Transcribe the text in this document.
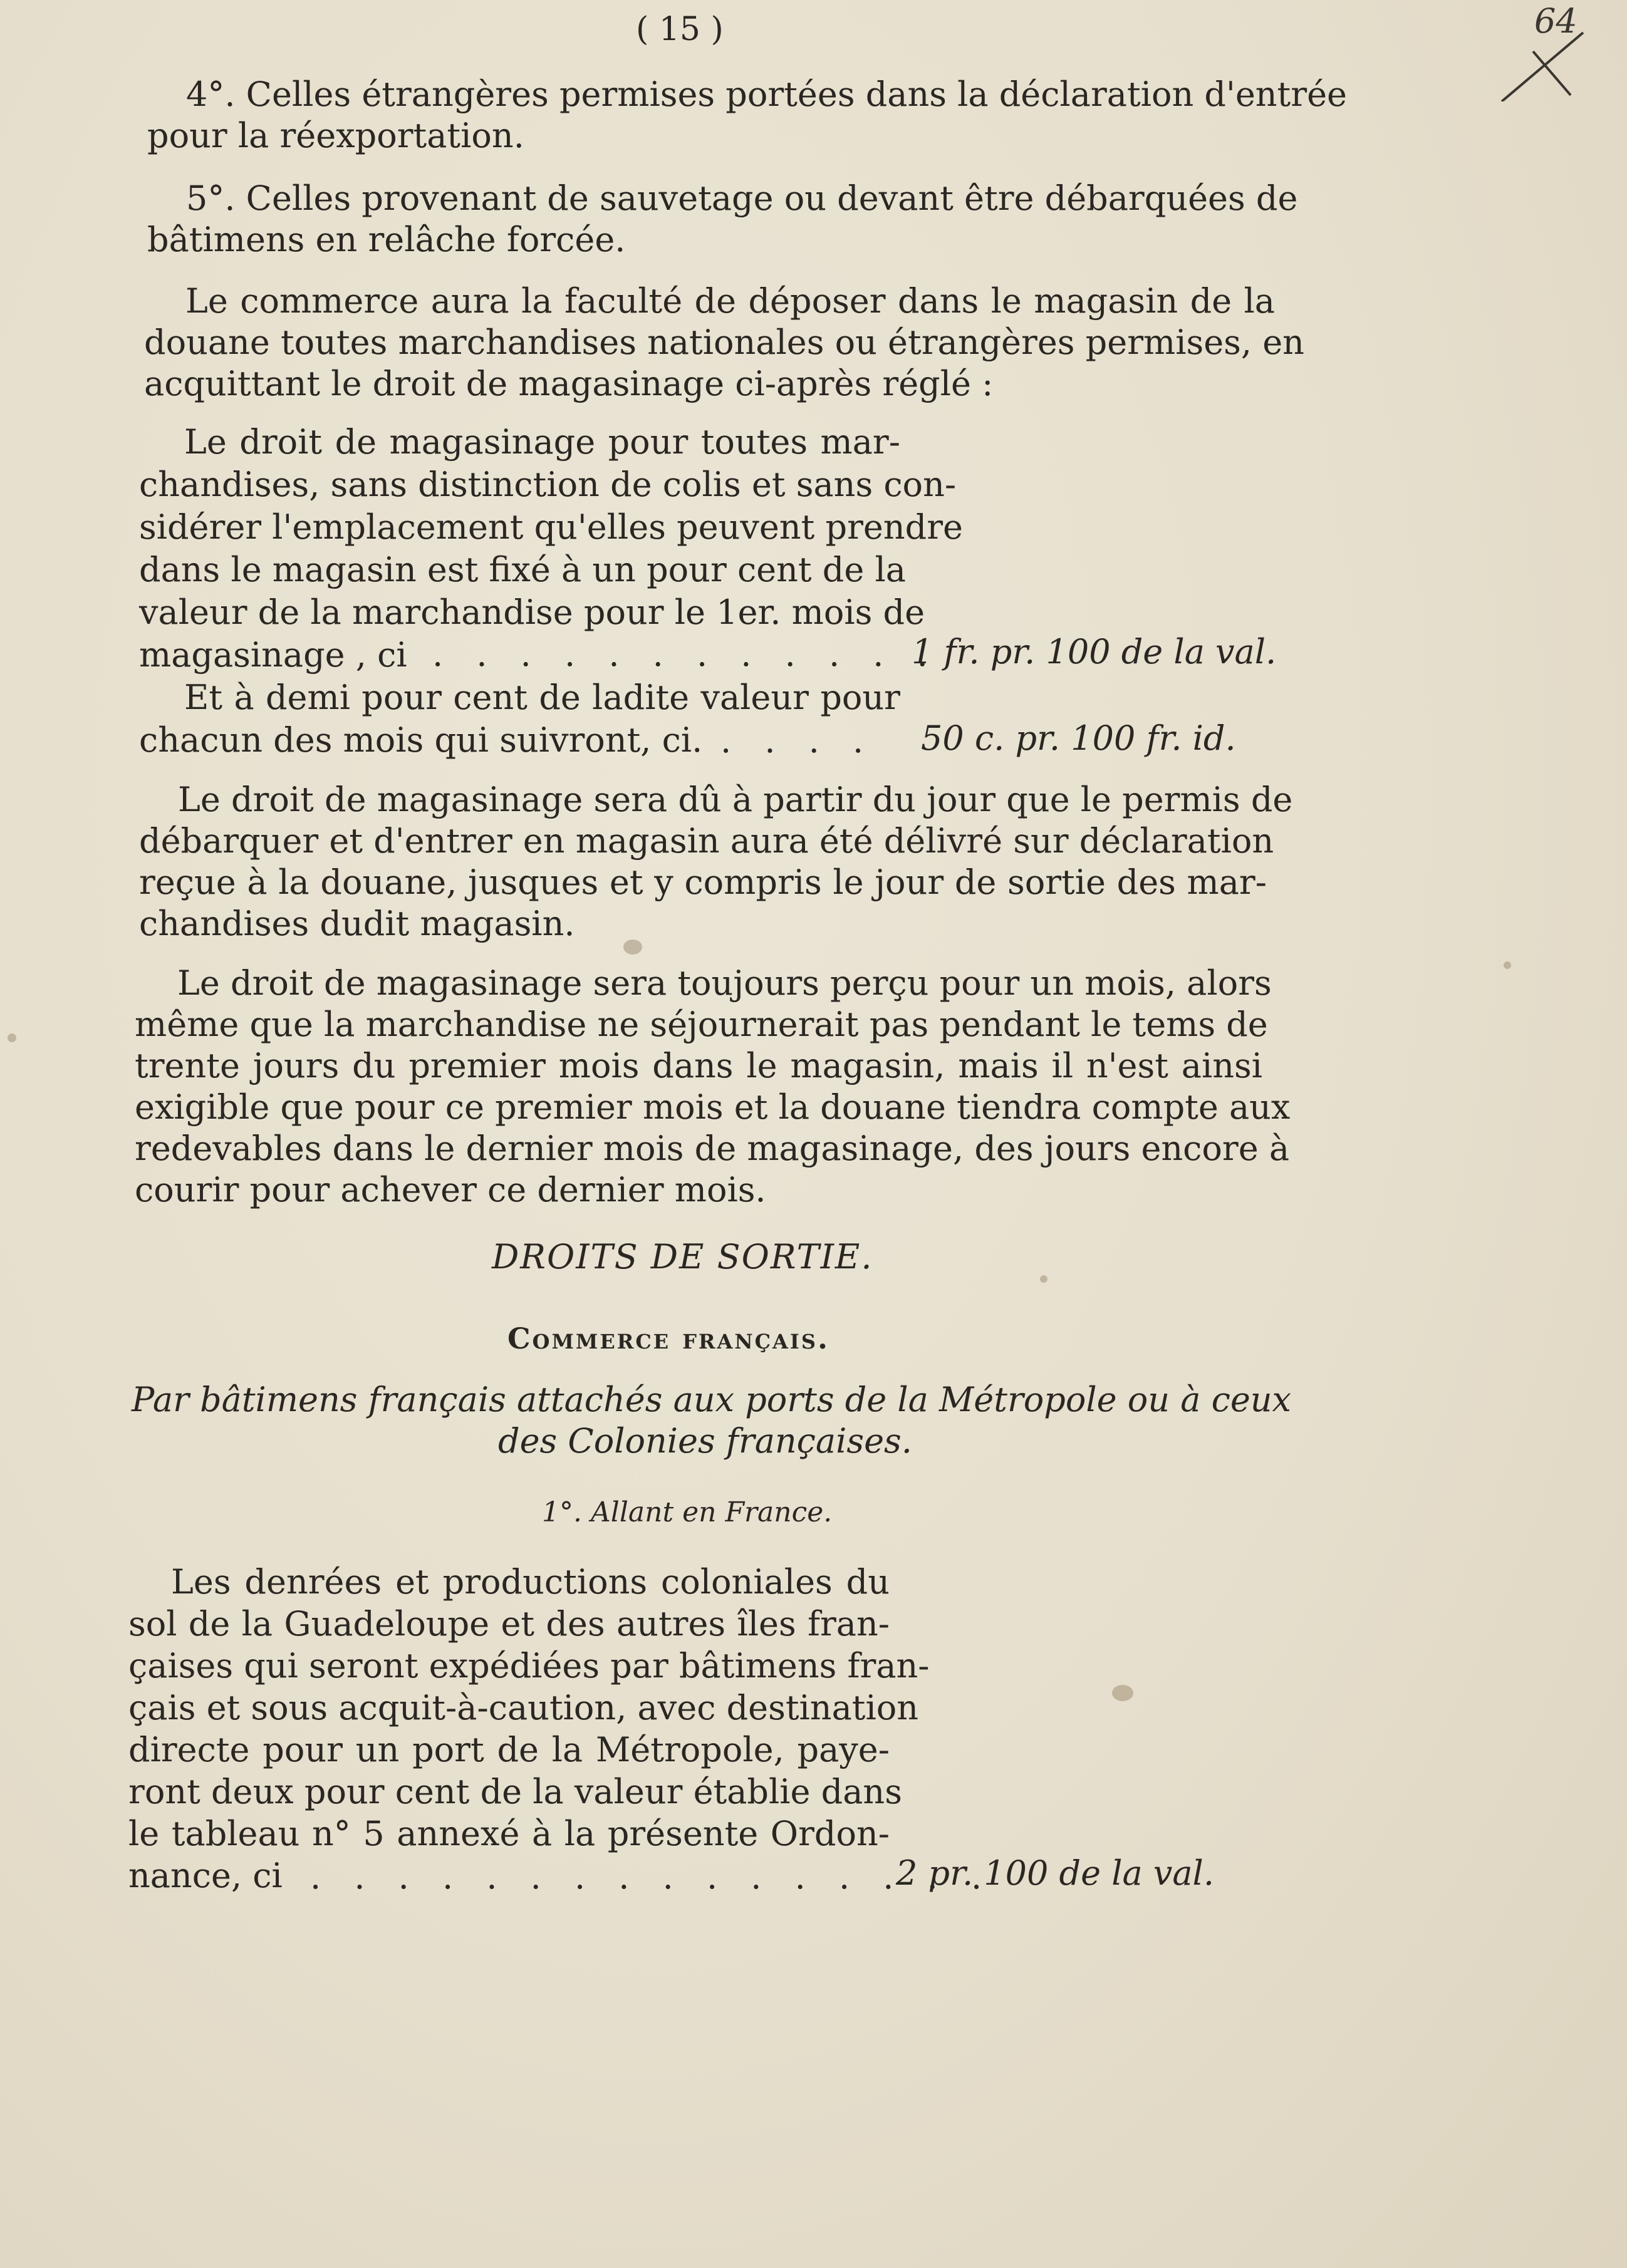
( 15 )	64
4°. Celles étrangères permises portées dans la déclaration d'entrée
pour la réexportation.
5°. Celles provenant de sauvetage ou devant être débarquées de
bâtimens en relâche forcée.
Le commerce aura la faculté de déposer dans le magasin de la
douane toutes marchandises nationales ou étrangères permises, en
acquittant le droit de magasinage ci-après réglé :
Le droit de magasinage pour toutes mar-
chandises, sans distinction de colis et sans con-
sidérer l'emplacement qu'elles peuvent prendre
dans le magasin est fixé à un pour cent de la
valeur de la marchandise pour le 1er. mois de
magasinage , ci . . . . . . . . . . . .
1 fr. pr. 100 de la val.
Et à demi pour cent de ladite valeur pour
chacun des mois qui suivront, ci. . . . . 50 c. pr. 100 fr. id.
Le droit de magasinage sera dû à partir du jour que le permis de
débarquer et d'entrer en magasin aura été délivré sur déclaration
reçue à la douane, jusques et y compris le jour de sortie des mar-
chandises dudit magasin.
Le droit de magasinage sera toujours perçu pour un mois, alors
même que la marchandise ne séjournerait pas pendant le tems de
trente jours du premier mois dans le magasin, mais il n'est ainsi
exigible que pour ce premier mois et la douane tiendra compte aux
redevables dans le dernier mois de magasinage, des jours encore à
courir pour achever ce dernier mois.
DROITS DE SORTIE.
Commerce français.
Par bâtimens français attachés aux ports de la Métropole ou à ceux
des Colonies françaises.
1°. Allant en France.
Les denrées et productions coloniales du
sol de la Guadeloupe et des autres îles fran-
çaises qui seront expédiées par bâtimens fran-
çais et sous acquit-à-caution, avec destination
directe pour un port de la Métropole, paye-
ront deux pour cent de la valeur établie dans
le tableau n° 5 annexé à la présente Ordon-
nance, ci . . . . . . . . . . . . . . . .
2 pr. 100 de la val.
